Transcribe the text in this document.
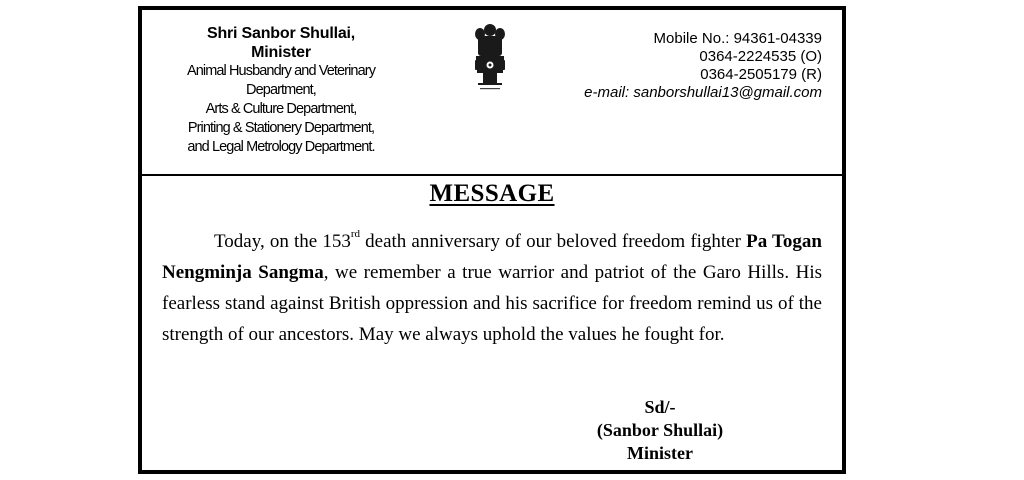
Shri Sanbor Shullai,
Minister
Animal Husbandry and Veterinary
Department,
Arts & Culture Department,
Printing & Stationery Department,
and Legal Metrology Department.
Mobile No.: 94361-04339
0364-2224535 (O)
0364-2505179 (R)
e-mail: sanborshullai13@gmail.com
MESSAGE
Today, on the 153rd death anniversary of our beloved freedom fighter Pa Togan Nengminja Sangma, we remember a true warrior and patriot of the Garo Hills. His fearless stand against British oppression and his sacrifice for freedom remind us of the strength of our ancestors. May we always uphold the values he fought for.
Sd/-
(Sanbor Shullai)
Minister
